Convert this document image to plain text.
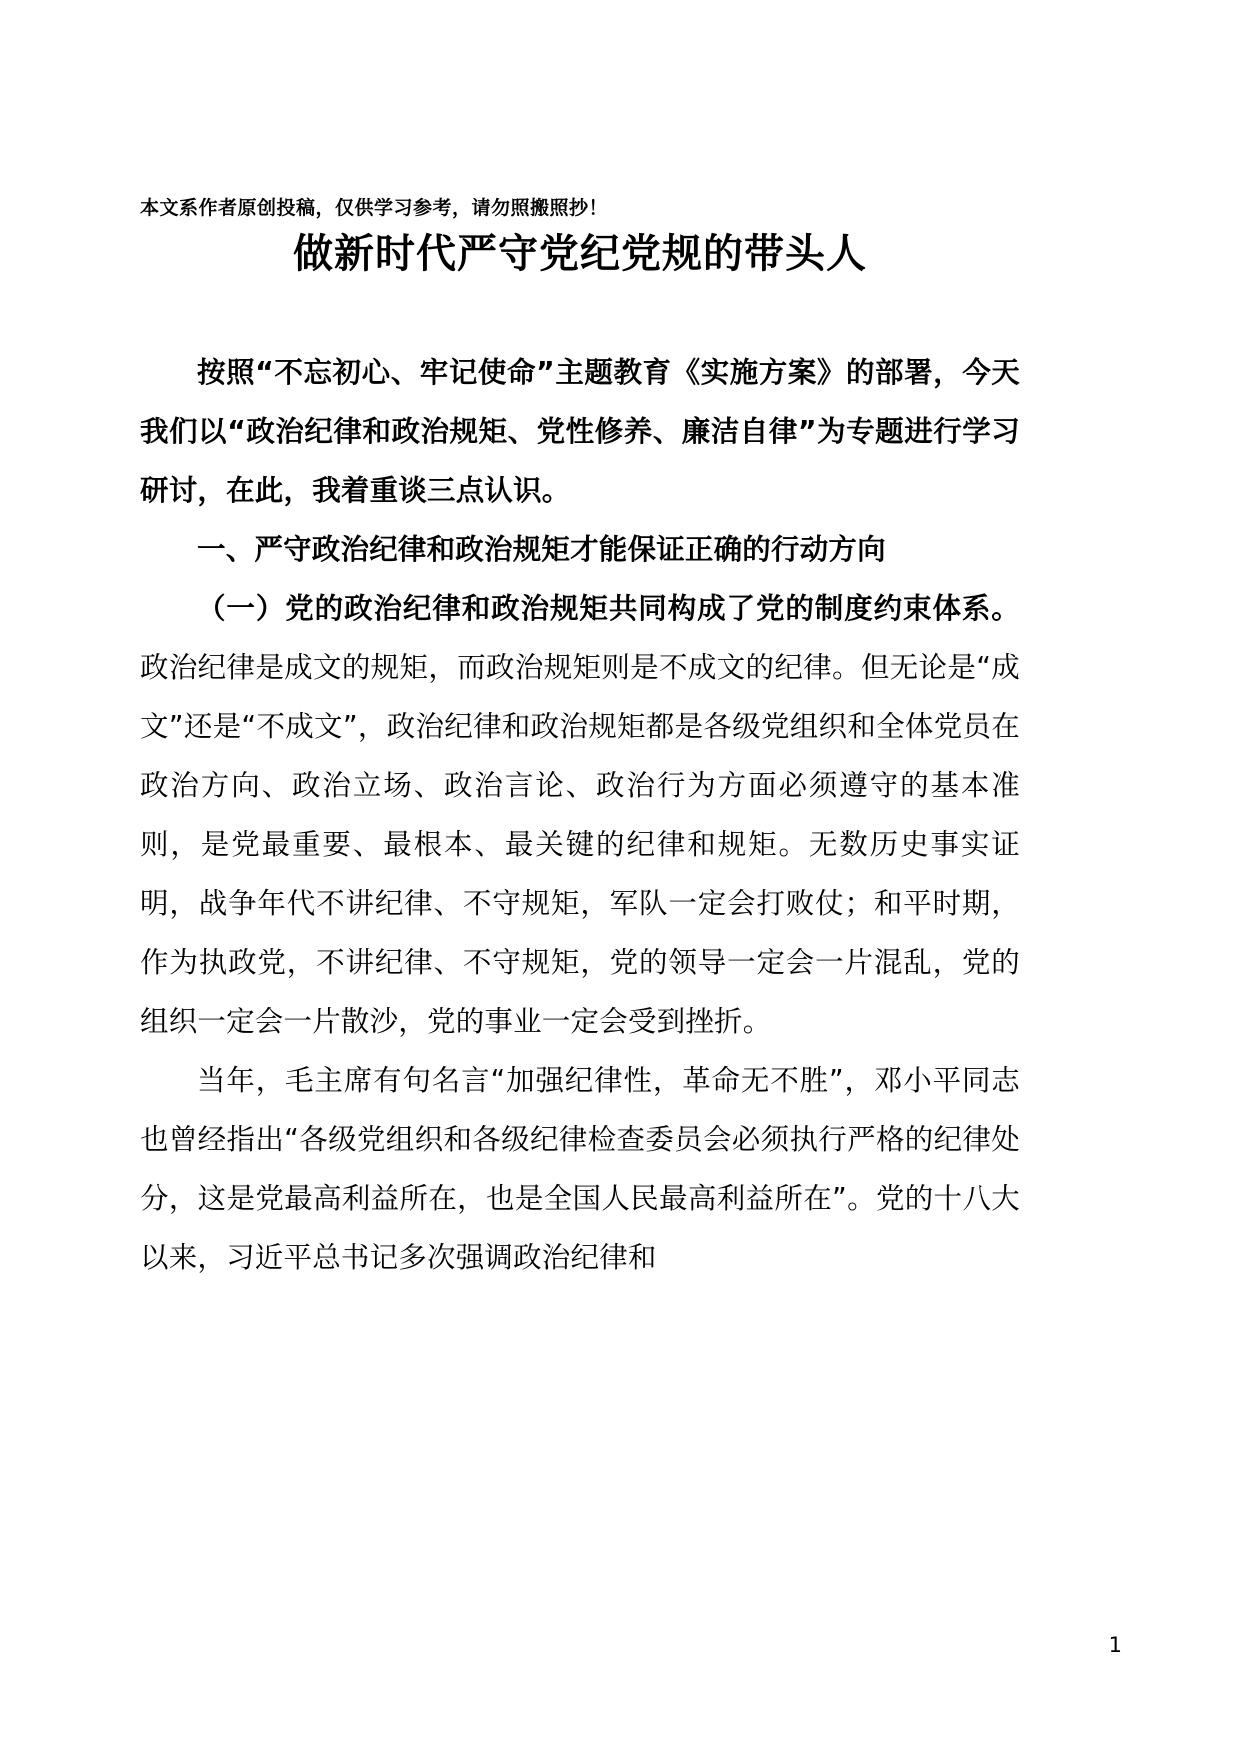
本文系作者原创投稿，仅供学习参考，请勿照搬照抄！

做新时代严守党纪党规的带头人

按照“不忘初心、牢记使命”主题教育《实施方案》的部署，今天我们以“政治纪律和政治规矩、党性修养、廉洁自律”为专题进行学习研讨，在此，我着重谈三点认识。

一、严守政治纪律和政治规矩才能保证正确的行动方向

（一）党的政治纪律和政治规矩共同构成了党的制度约束体系。政治纪律是成文的规矩，而政治规矩则是不成文的纪律。但无论是“成文”还是“不成文”，政治纪律和政治规矩都是各级党组织和全体党员在政治方向、政治立场、政治言论、政治行为方面必须遵守的基本准则，是党最重要、最根本、最关键的纪律和规矩。无数历史事实证明，战争年代不讲纪律、不守规矩，军队一定会打败仗；和平时期，作为执政党，不讲纪律、不守规矩，党的领导一定会一片混乱，党的组织一定会一片散沙，党的事业一定会受到挫折。

当年，毛主席有句名言“加强纪律性，革命无不胜”，邓小平同志也曾经指出“各级党组织和各级纪律检查委员会必须执行严格的纪律处分，这是党最高利益所在，也是全国人民最高利益所在”。党的十八大以来，习近平总书记多次强调政治纪律和

1
